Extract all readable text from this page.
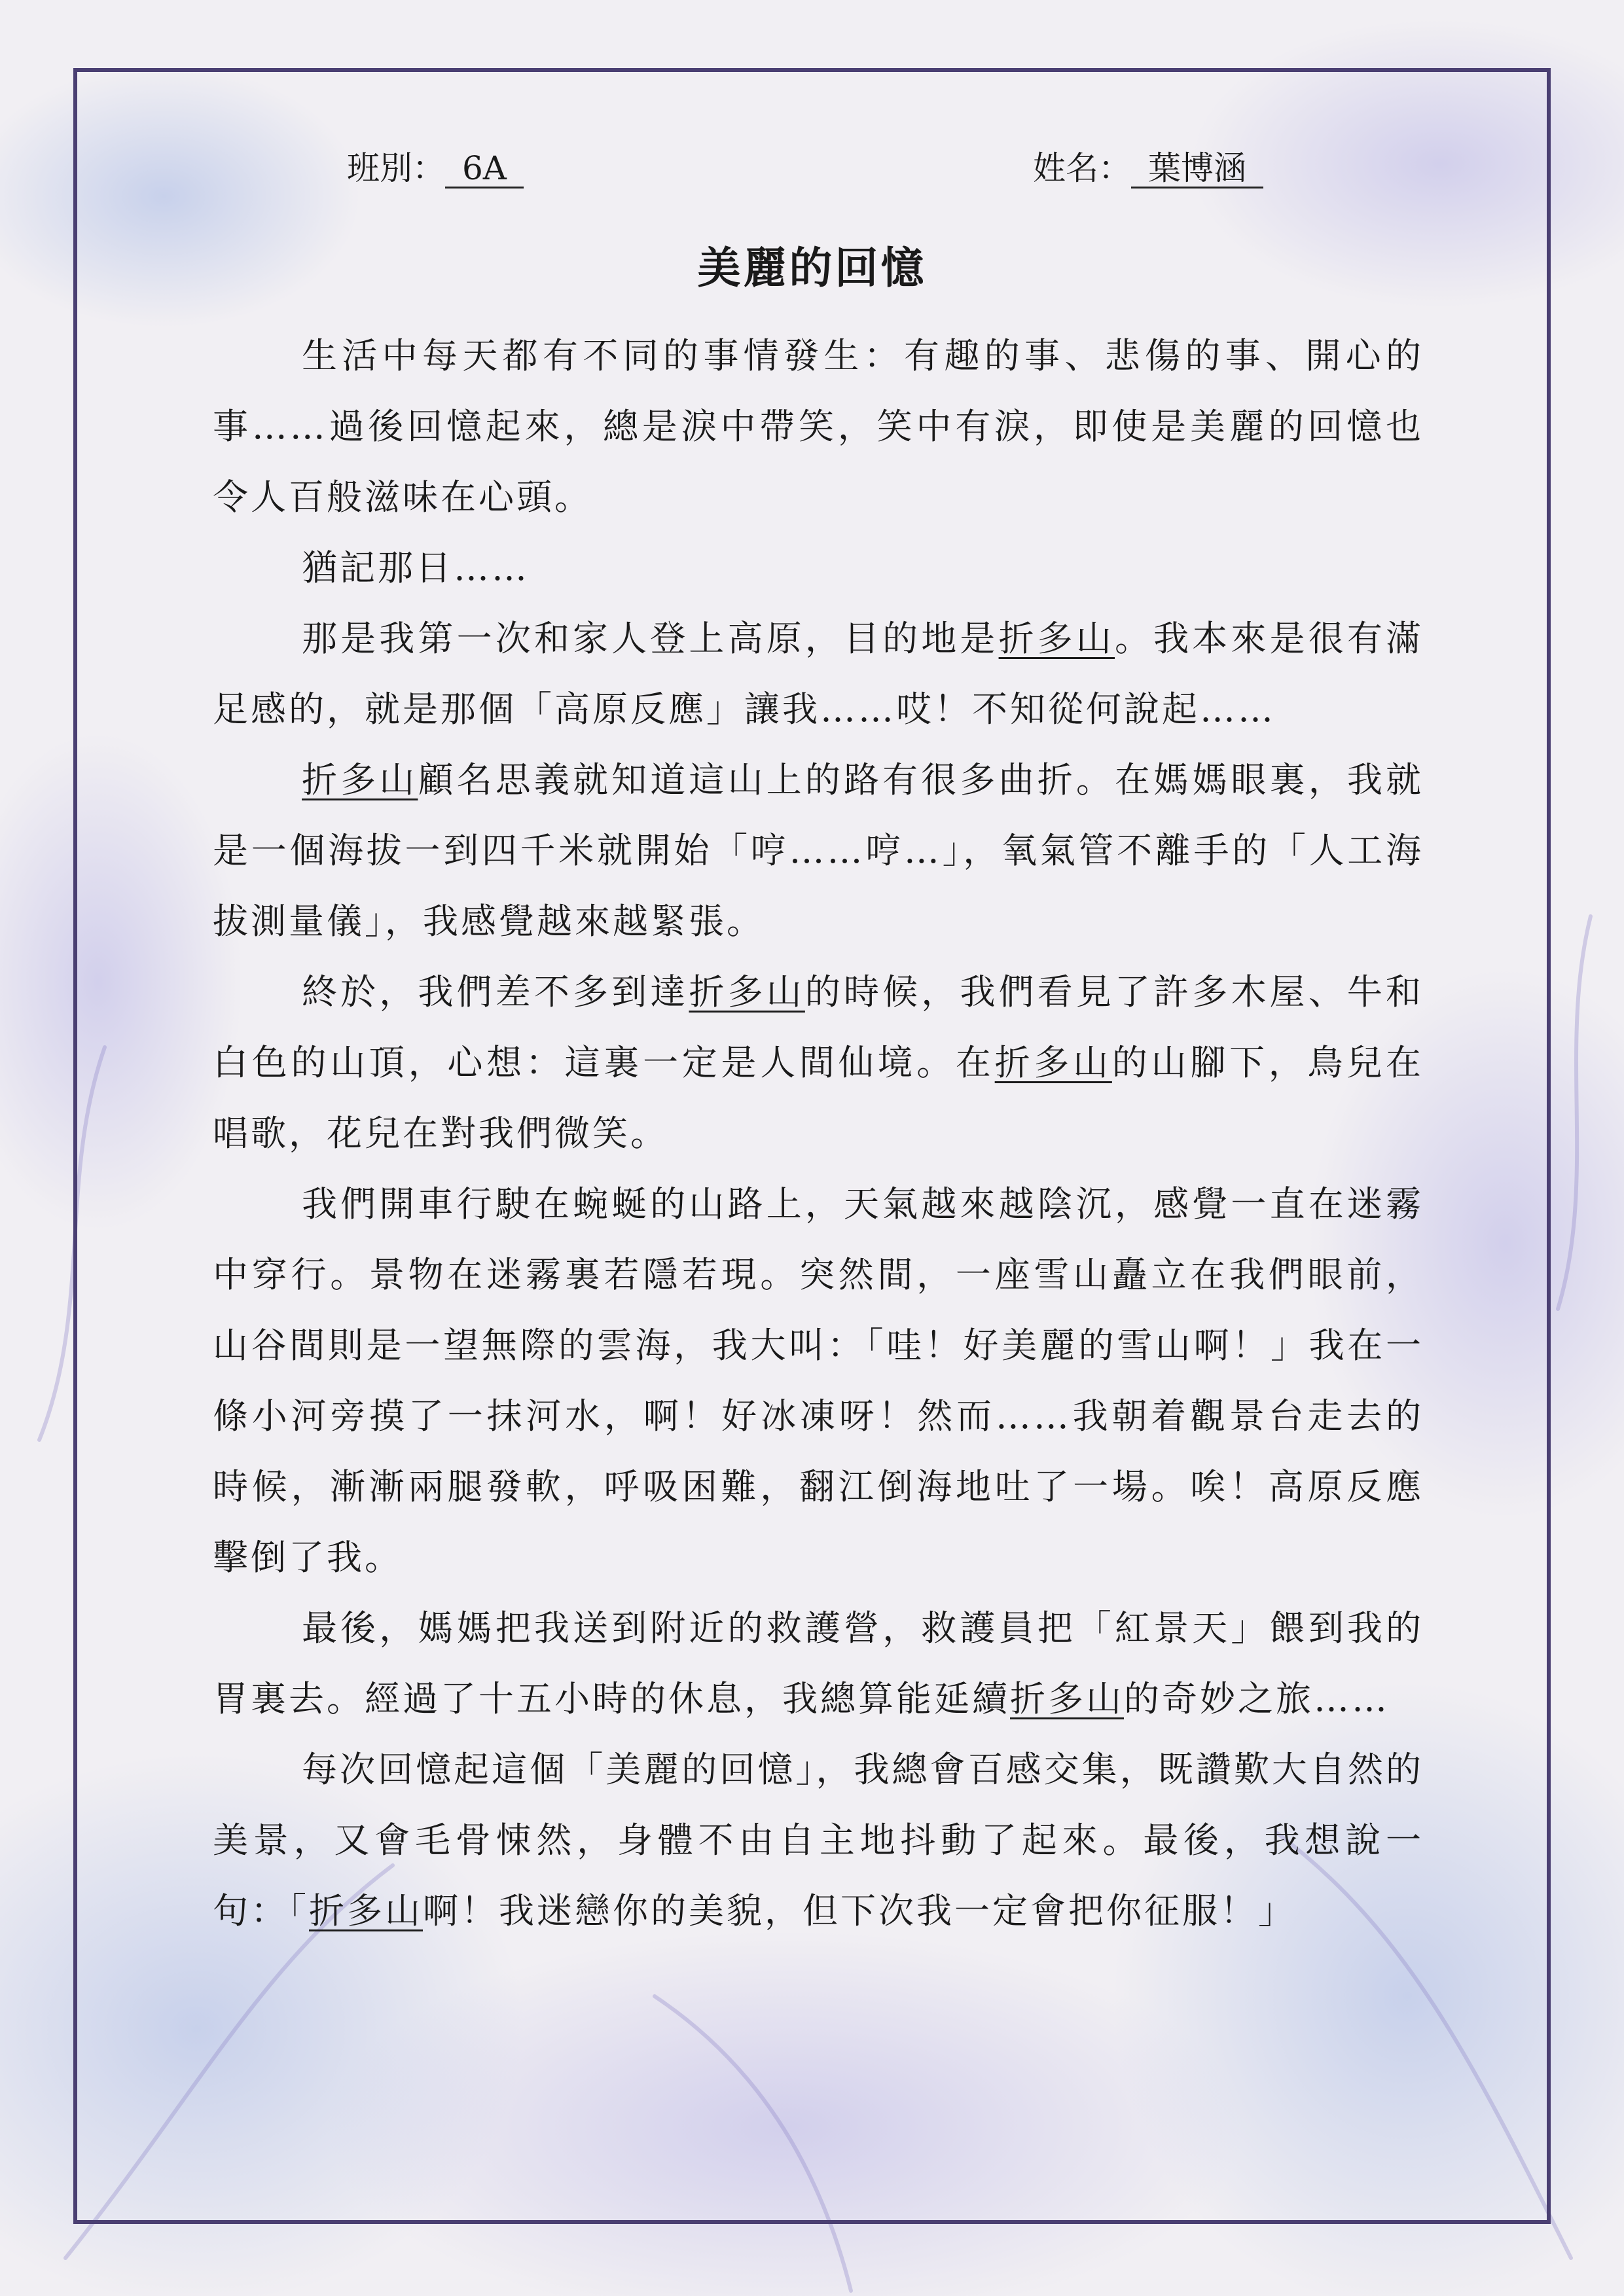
班別： 6A	姓名： 葉博涵
美麗的回憶

生活中每天都有不同的事情發生：有趣的事、悲傷的事、開心的事……過後回憶起來，總是淚中帶笑，笑中有淚，即使是美麗的回憶也令人百般滋味在心頭。

猶記那日……

那是我第一次和家人登上高原，目的地是折多山。我本來是很有滿足感的，就是那個「高原反應」讓我……哎！不知從何說起……

折多山顧名思義就知道這山上的路有很多曲折。在媽媽眼裏，我就是一個海拔一到四千米就開始「哼……哼…」，氧氣管不離手的「人工海拔測量儀」，我感覺越來越緊張。

終於，我們差不多到達折多山的時候，我們看見了許多木屋、牛和白色的山頂，心想：這裏一定是人間仙境。在折多山的山腳下，鳥兒在唱歌，花兒在對我們微笑。

我們開車行駛在蜿蜒的山路上，天氣越來越陰沉，感覺一直在迷霧中穿行。景物在迷霧裏若隱若現。突然間，一座雪山矗立在我們眼前，山谷間則是一望無際的雲海，我大叫：「哇！好美麗的雪山啊！」我在一條小河旁摸了一抹河水，啊！好冰凍呀！然而……我朝着觀景台走去的時候，漸漸兩腿發軟，呼吸困難，翻江倒海地吐了一場。唉！高原反應擊倒了我。

最後，媽媽把我送到附近的救護營，救護員把「紅景天」餵到我的胃裏去。經過了十五小時的休息，我總算能延續折多山的奇妙之旅……

每次回憶起這個「美麗的回憶」，我總會百感交集，既讚歎大自然的美景，又會毛骨悚然，身體不由自主地抖動了起來。最後，我想說一句：「折多山啊！我迷戀你的美貌，但下次我一定會把你征服！」
